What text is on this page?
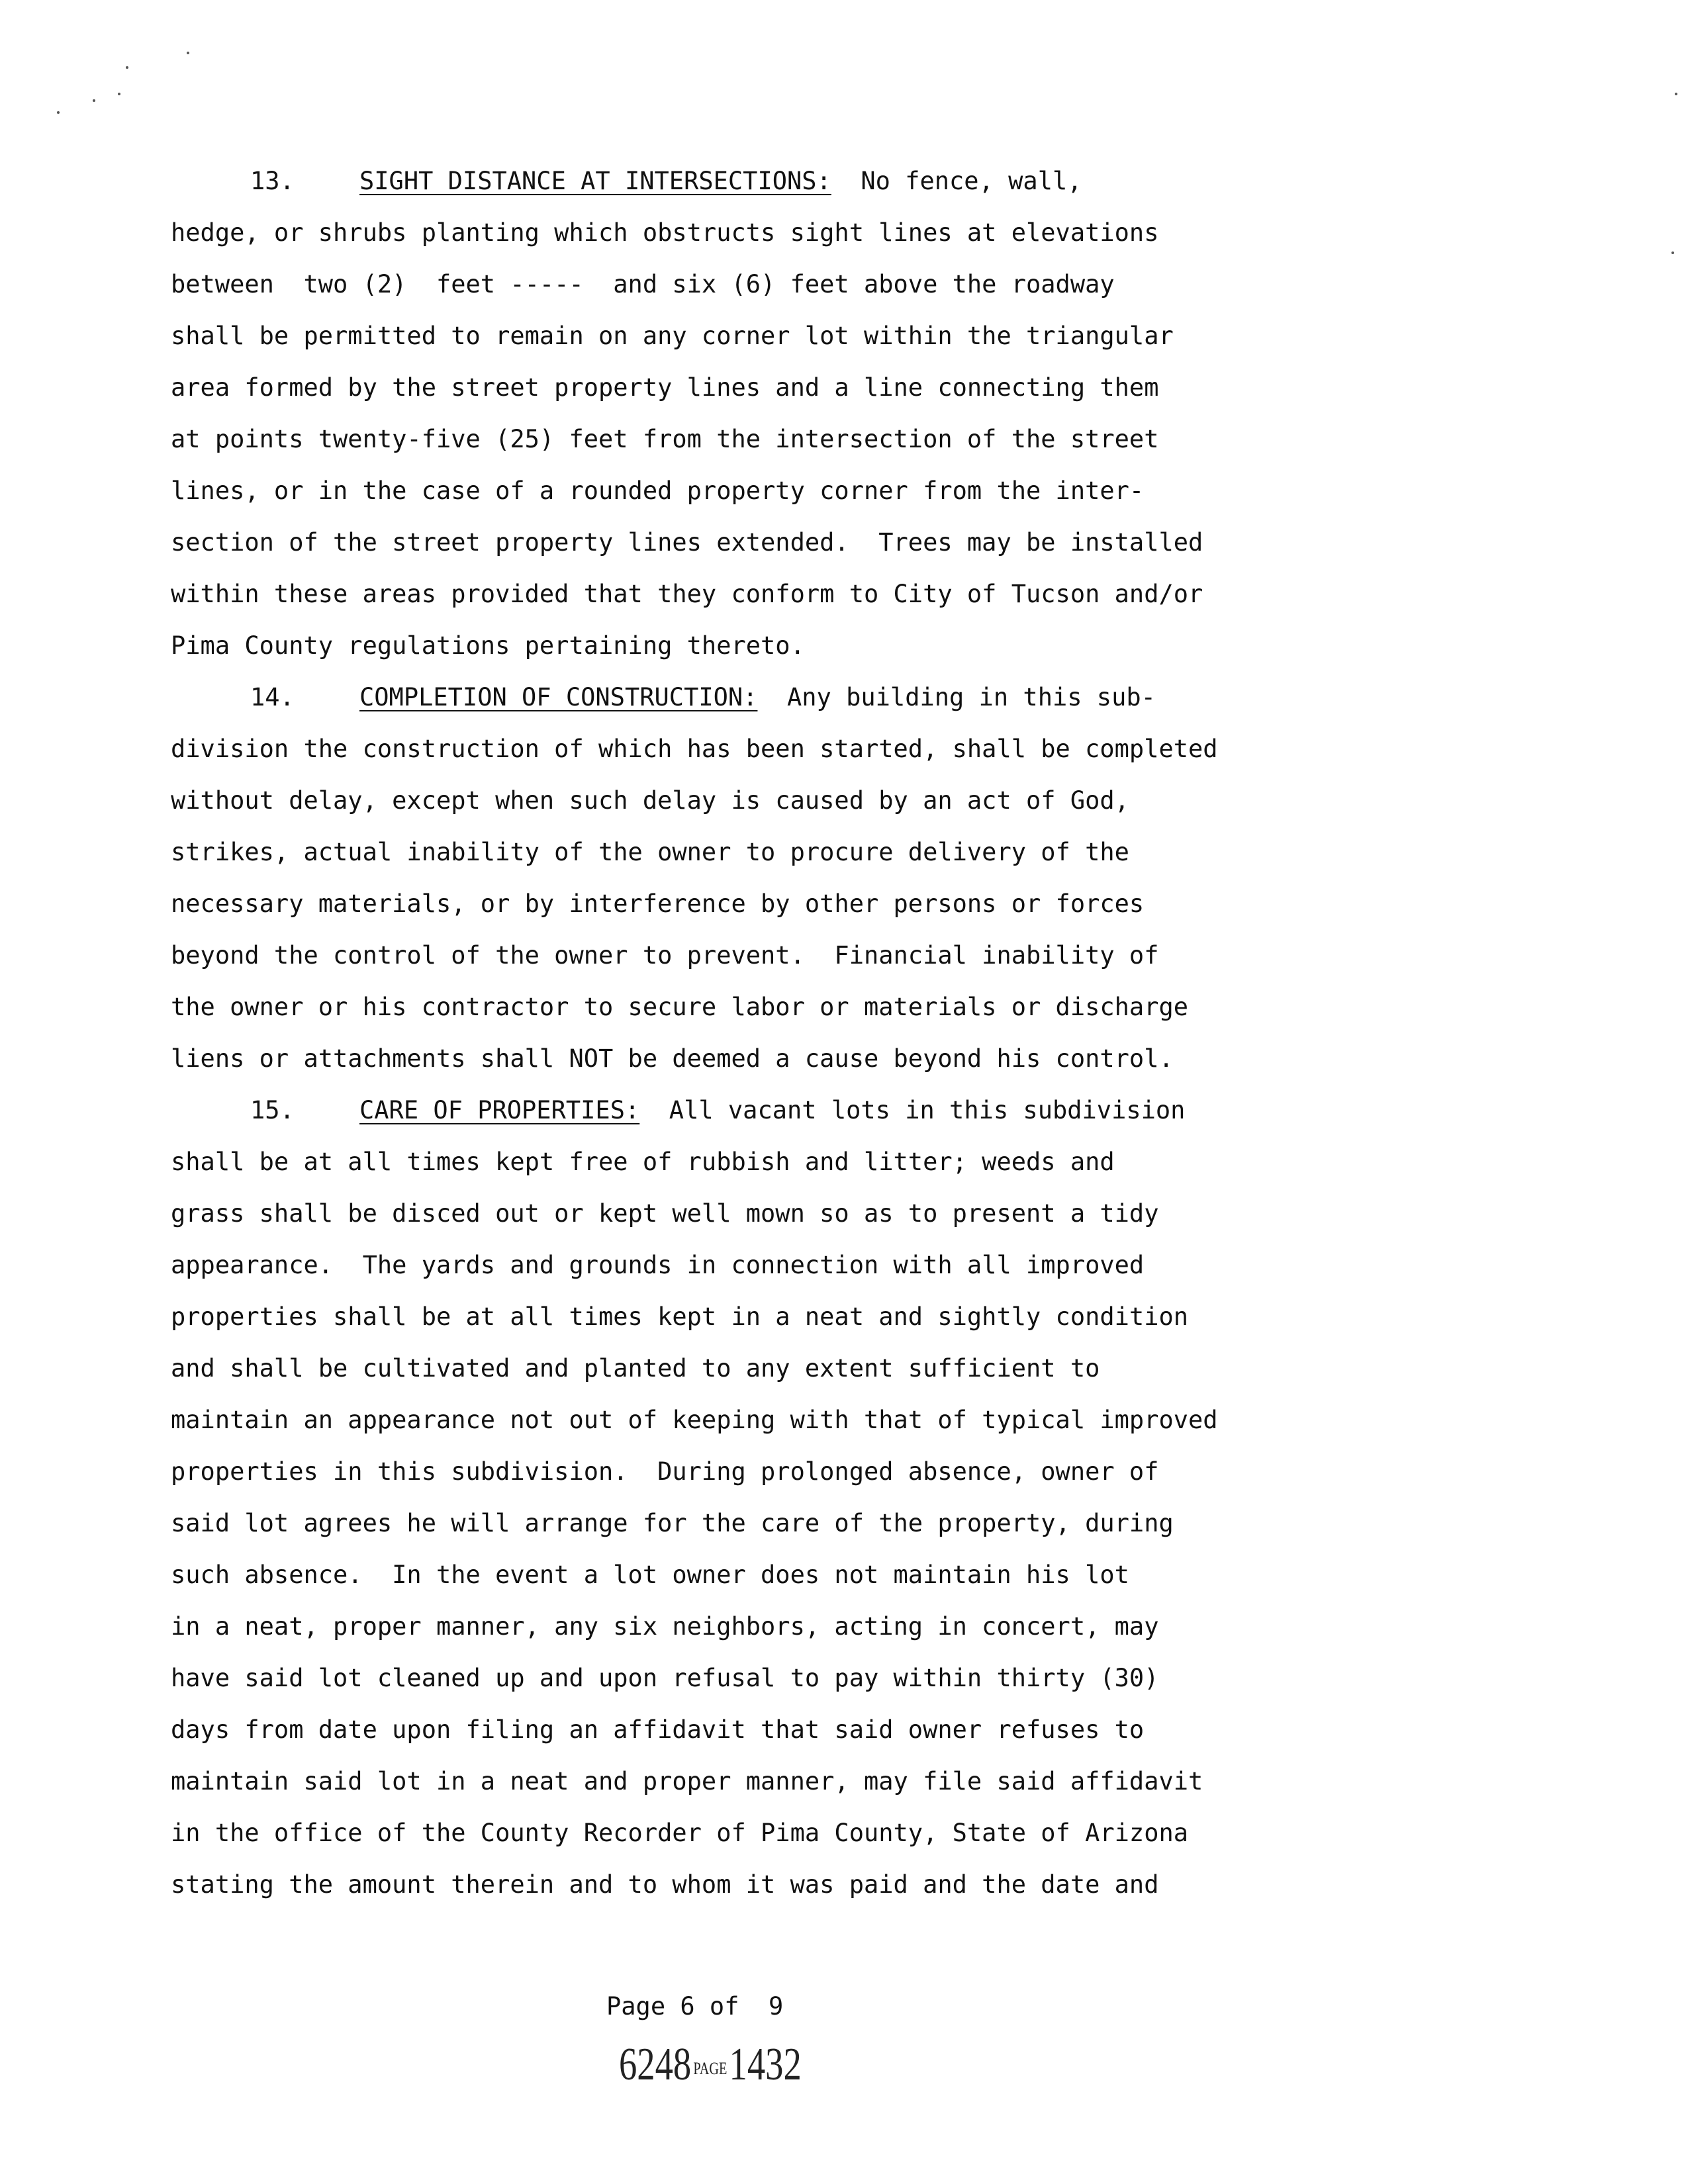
13.	SIGHT DISTANCE AT INTERSECTIONS:  No fence, wall,
hedge, or shrubs planting which obstructs sight lines at elevations
between  two (2)  feet -----  and six (6) feet above the roadway
shall be permitted to remain on any corner lot within the triangular
area formed by the street property lines and a line connecting them
at points twenty-five (25) feet from the intersection of the street
lines, or in the case of a rounded property corner from the inter-
section of the street property lines extended.  Trees may be installed
within these areas provided that they conform to City of Tucson and/or
Pima County regulations pertaining thereto.
14.	COMPLETION OF CONSTRUCTION:  Any building in this sub-
division the construction of which has been started, shall be completed
without delay, except when such delay is caused by an act of God,
strikes, actual inability of the owner to procure delivery of the
necessary materials, or by interference by other persons or forces
beyond the control of the owner to prevent.  Financial inability of
the owner or his contractor to secure labor or materials or discharge
liens or attachments shall NOT be deemed a cause beyond his control.
15.	CARE OF PROPERTIES:  All vacant lots in this subdivision
shall be at all times kept free of rubbish and litter; weeds and
grass shall be disced out or kept well mown so as to present a tidy
appearance.  The yards and grounds in connection with all improved
properties shall be at all times kept in a neat and sightly condition
and shall be cultivated and planted to any extent sufficient to
maintain an appearance not out of keeping with that of typical improved
properties in this subdivision.  During prolonged absence, owner of
said lot agrees he will arrange for the care of the property, during
such absence.  In the event a lot owner does not maintain his lot
in a neat, proper manner, any six neighbors, acting in concert, may
have said lot cleaned up and upon refusal to pay within thirty (30)
days from date upon filing an affidavit that said owner refuses to
maintain said lot in a neat and proper manner, may file said affidavit
in the office of the County Recorder of Pima County, State of Arizona
stating the amount therein and to whom it was paid and the date and
Page 6 of  9
6248 PAGE1432
